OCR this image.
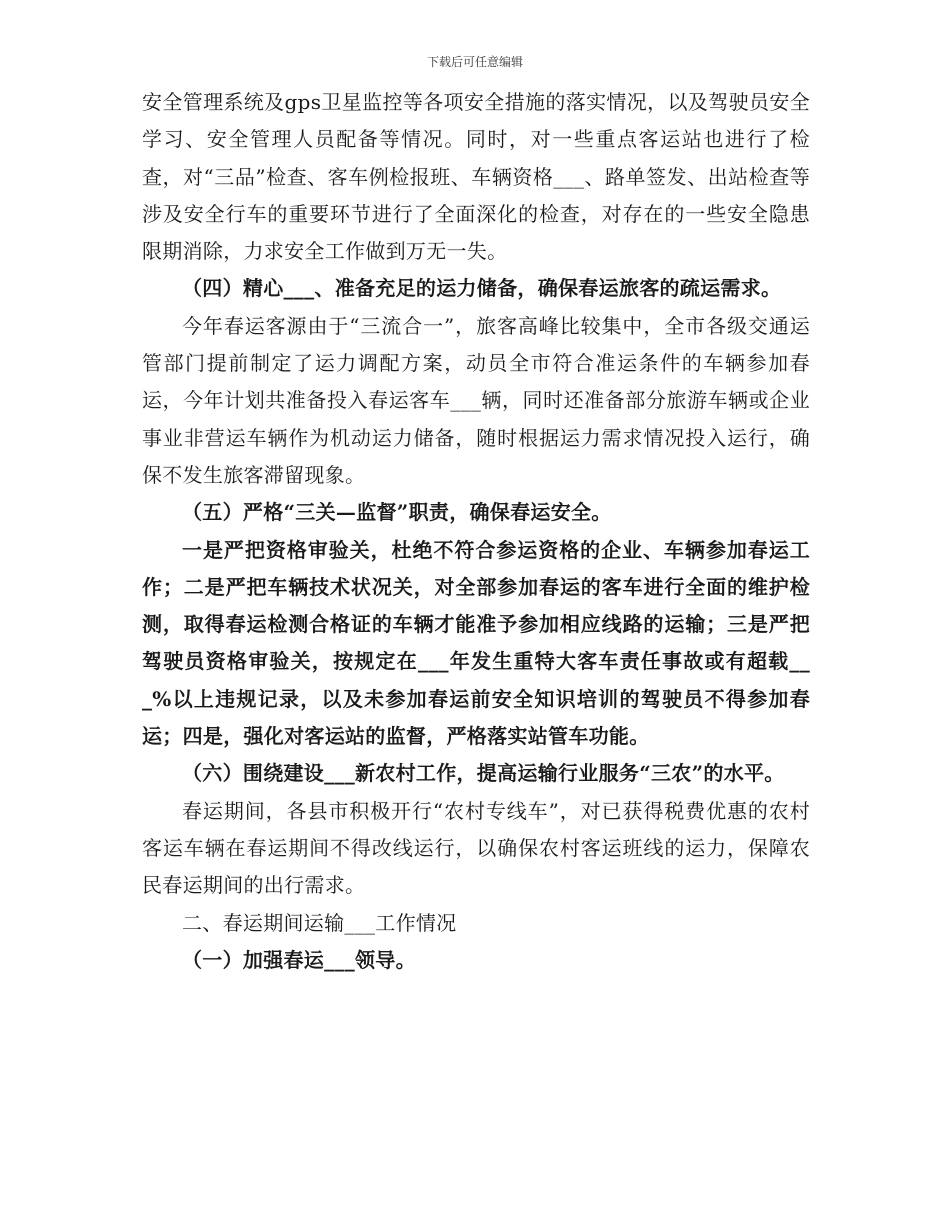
下载后可任意编辑

安全管理系统及gps卫星监控等各项安全措施的落实情况，以及驾驶员安全学习、安全管理人员配备等情况。同时，对一些重点客运站也进行了检查，对“三品”检查、客车例检报班、车辆资格___、路单签发、出站检查等涉及安全行车的重要环节进行了全面深化的检查，对存在的一些安全隐患限期消除，力求安全工作做到万无一失。

（四）精心___、准备充足的运力储备，确保春运旅客的疏运需求。

今年春运客源由于“三流合一”，旅客高峰比较集中，全市各级交通运管部门提前制定了运力调配方案，动员全市符合准运条件的车辆参加春运，今年计划共准备投入春运客车___辆，同时还准备部分旅游车辆或企业事业非营运车辆作为机动运力储备，随时根据运力需求情况投入运行，确保不发生旅客滞留现象。

（五）严格“三关—监督”职责，确保春运安全。

一是严把资格审验关，杜绝不符合参运资格的企业、车辆参加春运工作；二是严把车辆技术状况关，对全部参加春运的客车进行全面的维护检测，取得春运检测合格证的车辆才能准予参加相应线路的运输；三是严把驾驶员资格审验关，按规定在___年发生重特大客车责任事故或有超载___%以上违规记录，以及未参加春运前安全知识培训的驾驶员不得参加春运；四是，强化对客运站的监督，严格落实站管车功能。

（六）围绕建设___新农村工作，提高运输行业服务“三农”的水平。

春运期间，各县市积极开行“农村专线车”，对已获得税费优惠的农村客运车辆在春运期间不得改线运行，以确保农村客运班线的运力，保障农民春运期间的出行需求。

二、春运期间运输___工作情况

（一）加强春运___领导。
